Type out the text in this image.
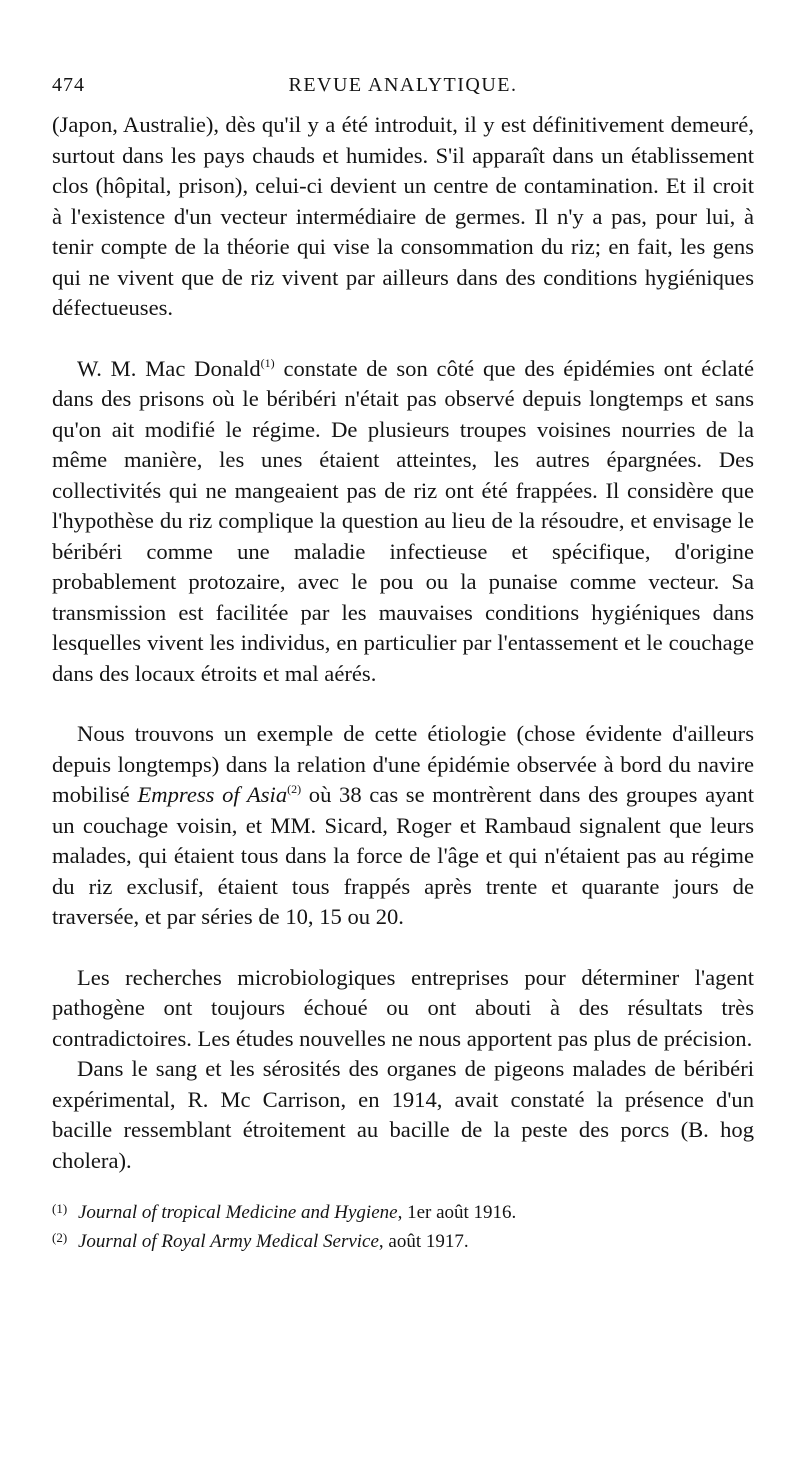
474	REVUE ANALYTIQUE.

(Japon, Australie), dès qu'il y a été introduit, il y est définitivement demeuré, surtout dans les pays chauds et humides. S'il apparaît dans un établissement clos (hôpital, prison), celui-ci devient un centre de contamination. Et il croit à l'existence d'un vecteur intermédiaire de germes. Il n'y a pas, pour lui, à tenir compte de la théorie qui vise la consommation du riz; en fait, les gens qui ne vivent que de riz vivent par ailleurs dans des conditions hygiéniques défectueuses.

W. M. Mac Donald$^{(1)}$ constate de son côté que des épidémies ont éclaté dans des prisons où le béribéri n'était pas observé depuis longtemps et sans qu'on ait modifié le régime. De plusieurs troupes voisines nourries de la même manière, les unes étaient atteintes, les autres épargnées. Des collectivités qui ne mangeaient pas de riz ont été frappées. Il considère que l'hypothèse du riz complique la question au lieu de la résoudre, et envisage le béribéri comme une maladie infectieuse et spécifique, d'origine probablement protozaire, avec le pou ou la punaise comme vecteur. Sa transmission est facilitée par les mauvaises conditions hygiéniques dans lesquelles vivent les individus, en particulier par l'entassement et le couchage dans des locaux étroits et mal aérés.

Nous trouvons un exemple de cette étiologie (chose évidente d'ailleurs depuis longtemps) dans la relation d'une épidémie observée à bord du navire mobilisé Empress of Asia$^{(2)}$ où 38 cas se montrèrent dans des groupes ayant un couchage voisin, et MM. Sicard, Roger et Rambaud signalent que leurs malades, qui étaient tous dans la force de l'âge et qui n'étaient pas au régime du riz exclusif, étaient tous frappés après trente et quarante jours de traversée, et par séries de 10, 15 ou 20.

Les recherches microbiologiques entreprises pour déterminer l'agent pathogène ont toujours échoué ou ont abouti à des résultats très contradictoires. Les études nouvelles ne nous apportent pas plus de précision.

Dans le sang et les sérosités des organes de pigeons malades de béribéri expérimental, R. Mc Carrison, en 1914, avait constaté la présence d'un bacille ressemblant étroitement au bacille de la peste des porcs (B. hog cholera).

(1) Journal of tropical Medicine and Hygiene, 1er août 1916.
(2) Journal of Royal Army Medical Service, août 1917.
